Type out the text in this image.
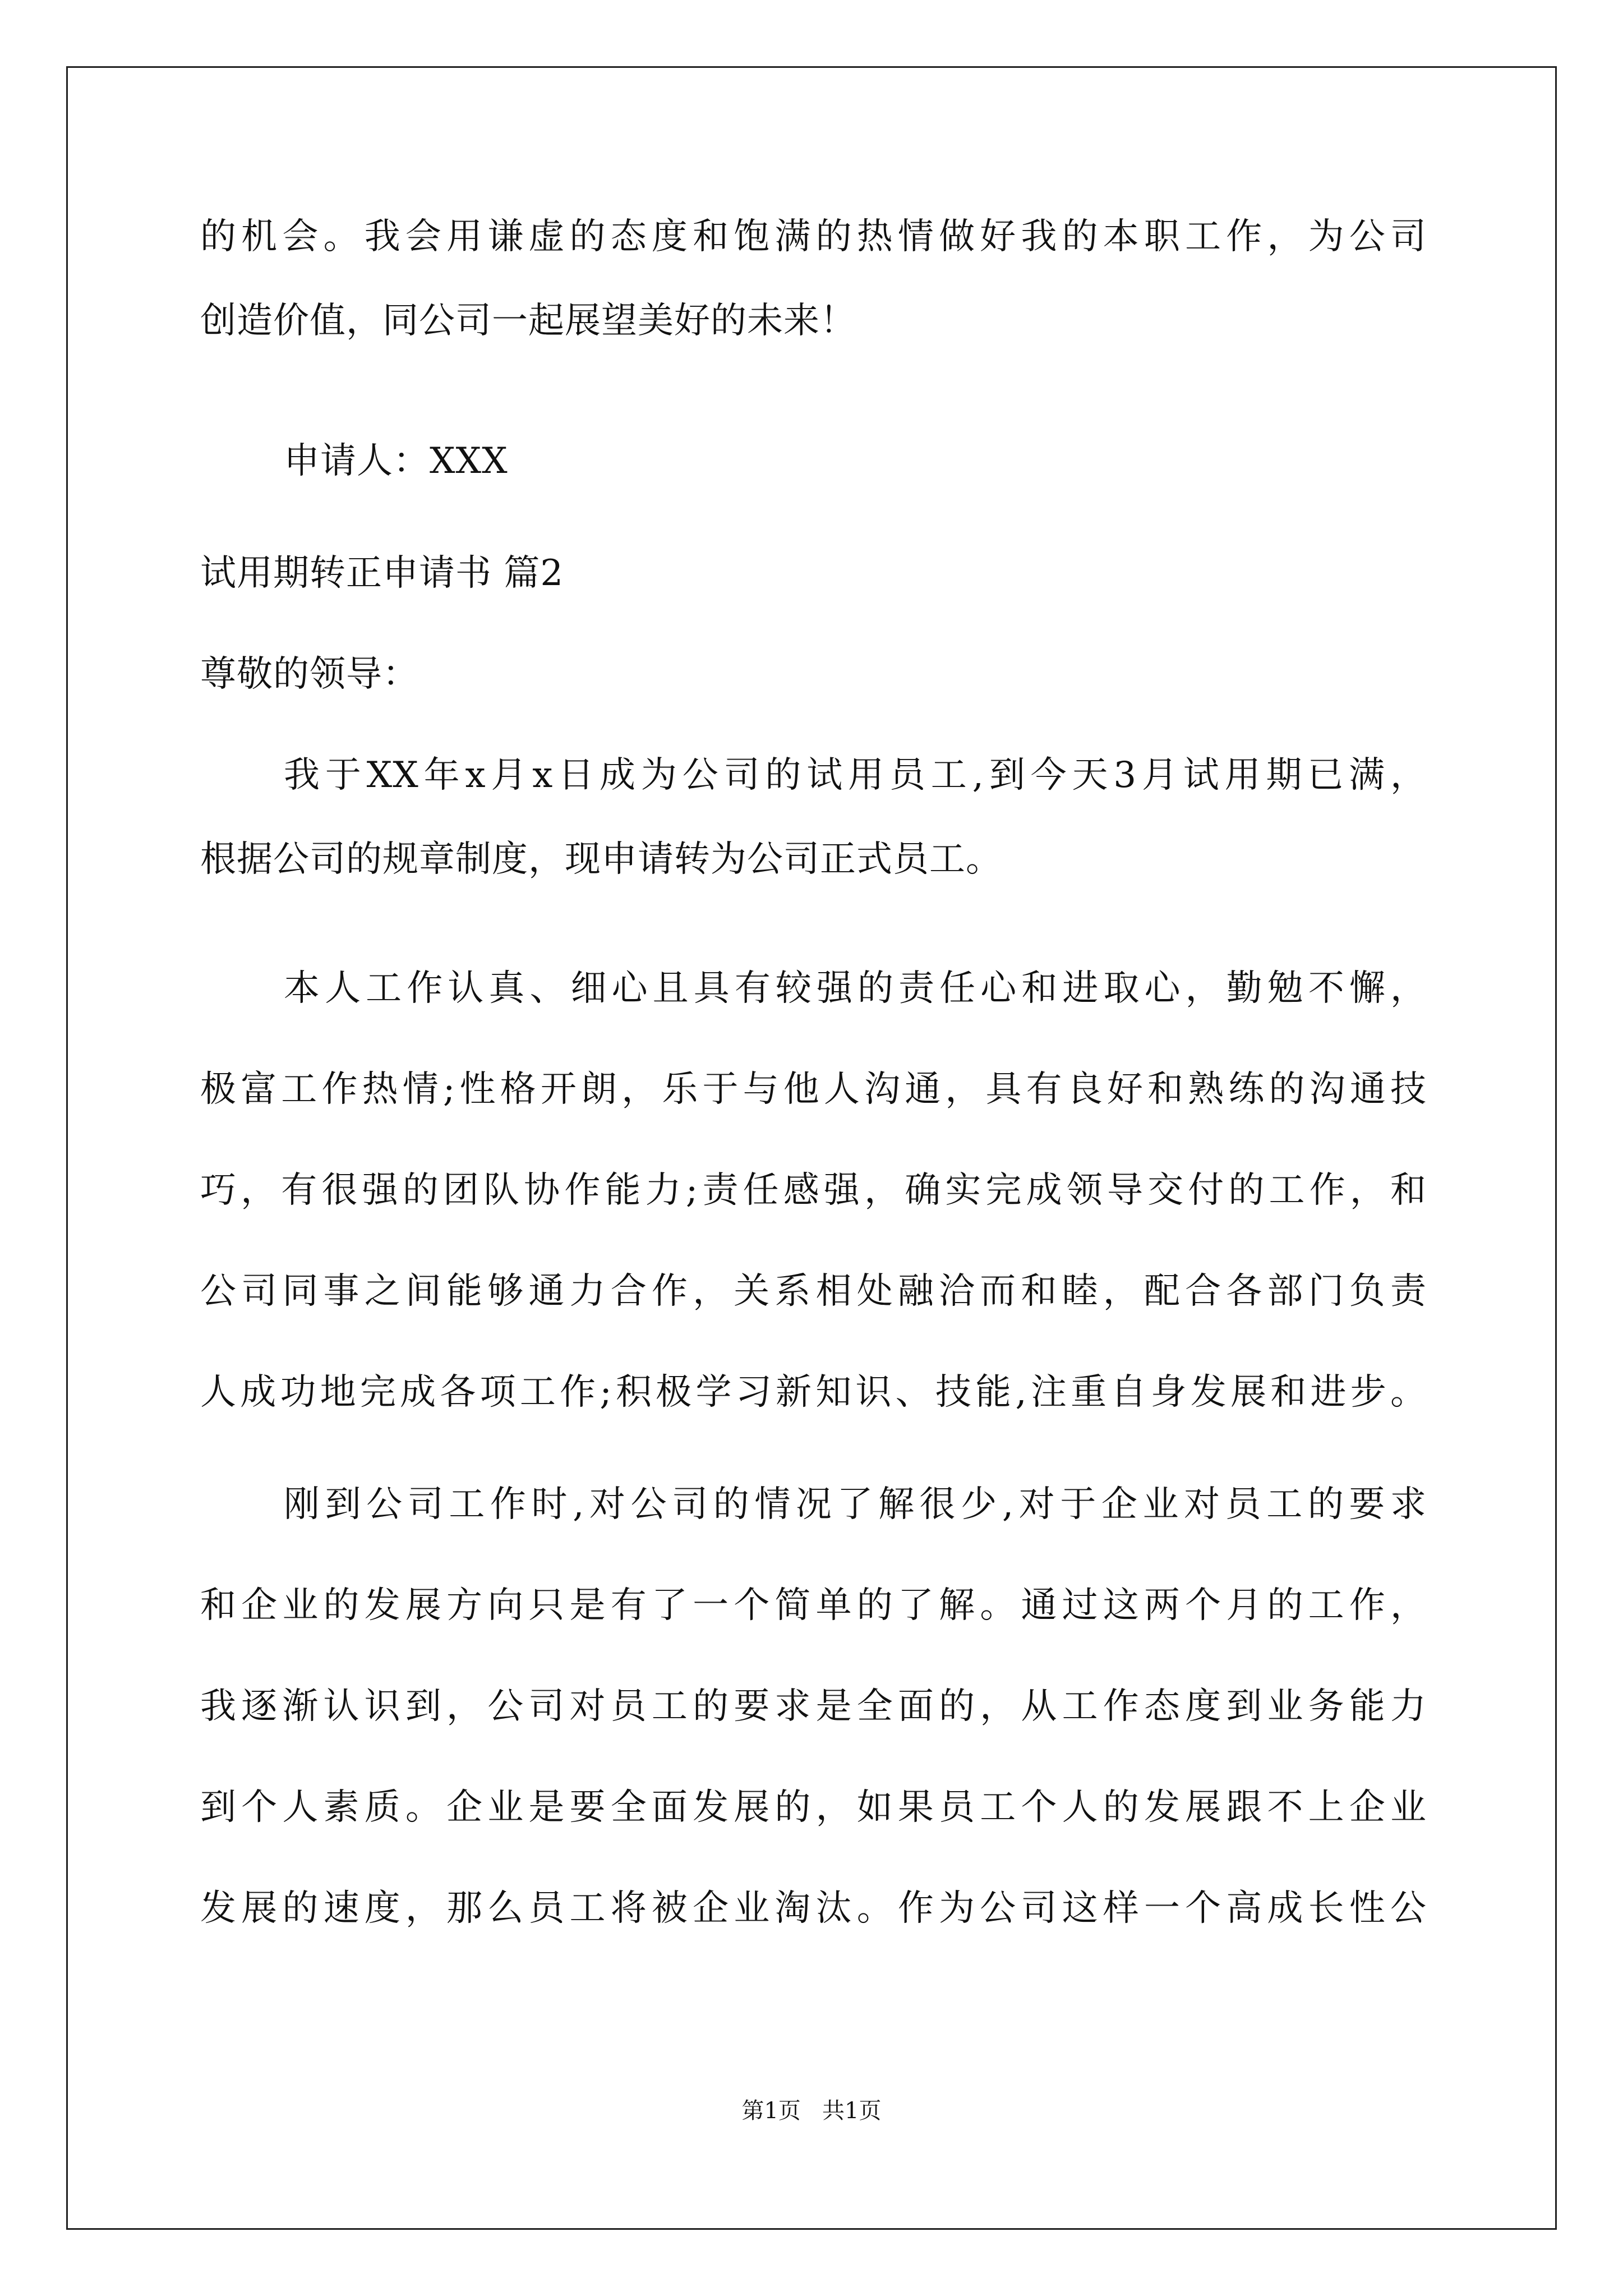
的机会。我会用谦虚的态度和饱满的热情做好我的本职工作，为公司
创造价值，同公司一起展望美好的未来！
申请人：XXX
试用期转正申请书 篇2
尊敬的领导：
我于XX年x月x日成为公司的试用员工,到今天3月试用期已满，
根据公司的规章制度，现申请转为公司正式员工。
本人工作认真、细心且具有较强的责任心和进取心，勤勉不懈，
极富工作热情;性格开朗，乐于与他人沟通，具有良好和熟练的沟通技
巧，有很强的团队协作能力;责任感强，确实完成领导交付的工作，和
公司同事之间能够通力合作，关系相处融洽而和睦，配合各部门负责
人成功地完成各项工作;积极学习新知识、技能,注重自身发展和进步。
刚到公司工作时,对公司的情况了解很少,对于企业对员工的要求
和企业的发展方向只是有了一个简单的了解。通过这两个月的工作，
我逐渐认识到，公司对员工的要求是全面的，从工作态度到业务能力
到个人素质。企业是要全面发展的，如果员工个人的发展跟不上企业
发展的速度，那么员工将被企业淘汰。作为公司这样一个高成长性公
第1页   共1页
